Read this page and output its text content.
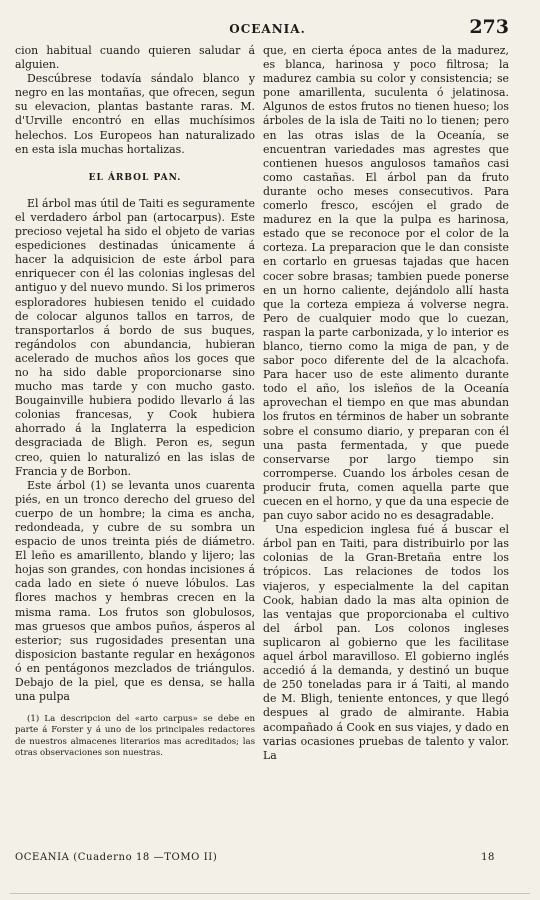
OCEANIA.	273

cion habitual cuando quieren saludar á alguien.

Descúbrese todavía sándalo blanco y negro en las montañas, que ofrecen, segun su elevacion, plantas bastante raras. M. d'Urville encontró en ellas muchísimos helechos. Los Europeos han naturalizado en esta isla muchas hortalizas.

EL ÁRBOL PAN.

El árbol mas útil de Taiti es seguramente el verdadero árbol pan (artocarpus). Este precioso vejetal ha sido el objeto de varias espediciones destinadas únicamente á hacer la adquisicion de este árbol para enriquecer con él las colonias inglesas del antiguo y del nuevo mundo. Si los primeros esploradores hubiesen tenido el cuidado de colocar algunos tallos en tarros, de transportarlos á bordo de sus buques, regándolos con abundancia, hubieran acelerado de muchos años los goces que no ha sido dable proporcionarse sino mucho mas tarde y con mucho gasto. Bougainville hubiera podido llevarlo á las colonias francesas, y Cook hubiera ahorrado á la Inglaterra la espedicion desgraciada de Bligh. Peron es, segun creo, quien lo naturalizó en las islas de Francia y de Borbon.

Este árbol (1) se levanta unos cuarenta piés, en un tronco derecho del grueso del cuerpo de un hombre; la cima es ancha, redondeada, y cubre de su sombra un espacio de unos treinta piés de diámetro. El leño es amarillento, blando y lijero; las hojas son grandes, con hondas incisiones á cada lado en siete ó nueve lóbulos. Las flores machos y hembras crecen en la misma rama. Los frutos son globulosos, mas gruesos que ambos puños, ásperos al esterior; sus rugosidades presentan una disposicion bastante regular en hexágonos ó en pentágonos mezclados de triángulos. Debajo de la piel, que es densa, se halla una pulpa

(1) La descripcion del «arto carpus» se debe en parte á Forster y á uno de los principales redactores de nuestros almacenes literarios mas acreditados; las otras observaciones son nuestras.

que, en cierta época antes de la madurez, es blanca, harinosa y poco filtrosa; la madurez cambia su color y consistencia; se pone amarillenta, suculenta ó jelatinosa. Algunos de estos frutos no tienen hueso; los árboles de la isla de Taiti no lo tienen; pero en las otras islas de la Oceanía, se encuentran variedades mas agrestes que contienen huesos angulosos tamaños casi como castañas. El árbol pan da fruto durante ocho meses consecutivos. Para comerlo fresco, escójen el grado de madurez en la que la pulpa es harinosa, estado que se reconoce por el color de la corteza. La preparacion que le dan consiste en cortarlo en gruesas tajadas que hacen cocer sobre brasas; tambien puede ponerse en un horno caliente, dejándolo allí hasta que la corteza empieza á volverse negra. Pero de cualquier modo que lo cuezan, raspan la parte carbonizada, y lo interior es blanco, tierno como la miga de pan, y de sabor poco diferente del de la alcachofa. Para hacer uso de este alimento durante todo el año, los isleños de la Oceanía aprovechan el tiempo en que mas abundan los frutos en términos de haber un sobrante sobre el consumo diario, y preparan con él una pasta fermentada, y que puede conservarse por largo tiempo sin corromperse. Cuando los árboles cesan de producir fruta, comen aquella parte que cuecen en el horno, y que da una especie de pan cuyo sabor acido no es desagradable.

Una espedicion inglesa fué á buscar el árbol pan en Taiti, para distribuirlo por las colonias de la Gran-Bretaña entre los trópicos. Las relaciones de todos los viajeros, y especialmente la del capitan Cook, habian dado la mas alta opinion de las ventajas que proporcionaba el cultivo del árbol pan. Los colonos ingleses suplicaron al gobierno que les facilitase aquel árbol maravilloso. El gobierno inglés accedió á la demanda, y destinó un buque de 250 toneladas para ir á Taiti, al mando de M. Bligh, teniente entonces, y que llegó despues al grado de almirante. Habia acompañado á Cook en sus viajes, y dado en varias ocasiones pruebas de talento y valor. La

OCEANIA (Cuaderno 18 —TOMO II)	18
